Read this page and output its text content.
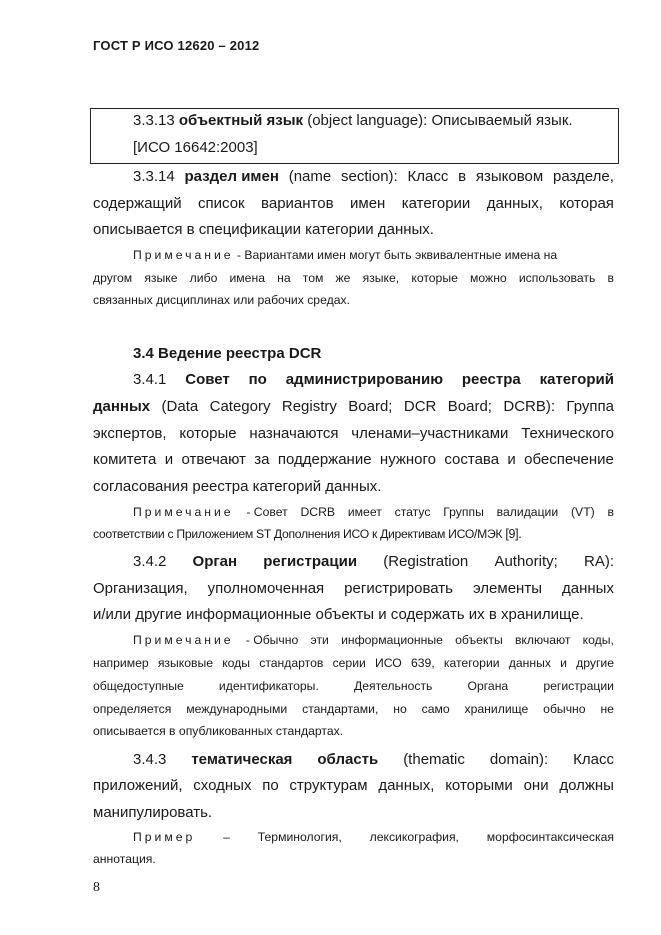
ГОСТ Р ИСО 12620 – 2012
3.3.13 объектный язык (object language): Описываемый язык.
[ИСО 16642:2003]
3.3.14 раздел имен (name section): Класс в языковом разделе,
содержащий список вариантов имен категории данных, которая
описывается в спецификации категории данных.
Примечание - Вариантами имен могут быть эквивалентные имена на
другом языке либо имена на том же языке, которые можно использовать в
связанных дисциплинах или рабочих средах.
3.4 Ведение реестра DCR
3.4.1 Совет по администрированию реестра категорий
данных (Data Category Registry Board; DCR Board; DCRB): Группа
экспертов, которые назначаются членами–участниками Технического
комитета и отвечают за поддержание нужного состава и обеспечение
согласования реестра категорий данных.
Примечание - Совет DCRB имеет статус Группы валидации (VT) в
соответствии с Приложением ST Дополнения ИСО к Директивам ИСО/МЭК [9].
3.4.2 Орган регистрации (Registration Authority; RA):
Организация, уполномоченная регистрировать элементы данных
и/или другие информационные объекты и содержать их в хранилище.
Примечание - Обычно эти информационные объекты включают коды,
например языковые коды стандартов серии ИСО 639, категории данных и другие
общедоступные	идентификаторы.	Деятельность	Органа	регистрации
определяется международными стандартами, но само хранилище обычно не
описывается в опубликованных стандартах.
3.4.3 тематическая область (thematic domain): Класс
приложений, сходных по структурам данных, которыми они должны
манипулировать.
Пример – Терминология, лексикография, морфосинтаксическая
аннотация.
8
